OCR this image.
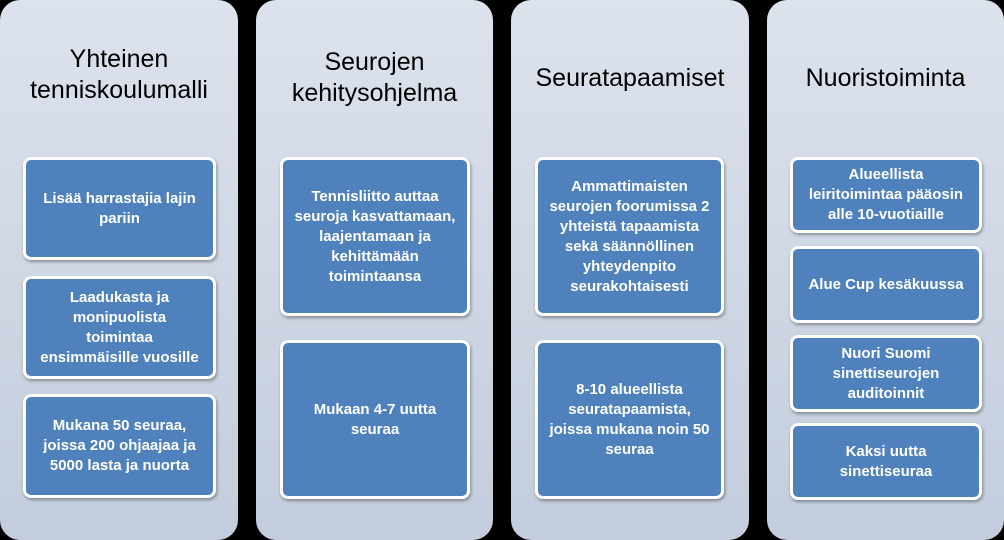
Yhteinen
tenniskoulumalli
Lisää harrastajia lajin
pariin
Laadukasta ja
monipuolista
toimintaa
ensimmäisille vuosille
Mukana 50 seuraa,
joissa 200 ohjaajaa ja
5000 lasta ja nuorta
Seurojen
kehitysohjelma
Tennisliitto auttaa
seuroja kasvattamaan,
laajentamaan ja
kehittämään
toimintaansa
Mukaan 4-7 uutta
seuraa
Seuratapaamiset
Ammattimaisten
seurojen foorumissa 2
yhteistä tapaamista
sekä säännöllinen
yhteydenpito
seurakohtaisesti
8-10 alueellista
seuratapaamista,
joissa mukana noin 50
seuraa
Nuoristoiminta
Alueellista
leiritoimintaa pääosin
alle 10-vuotiaille
Alue Cup kesäkuussa
Nuori Suomi
sinettiseurojen
auditoinnit
Kaksi uutta
sinettiseuraa
